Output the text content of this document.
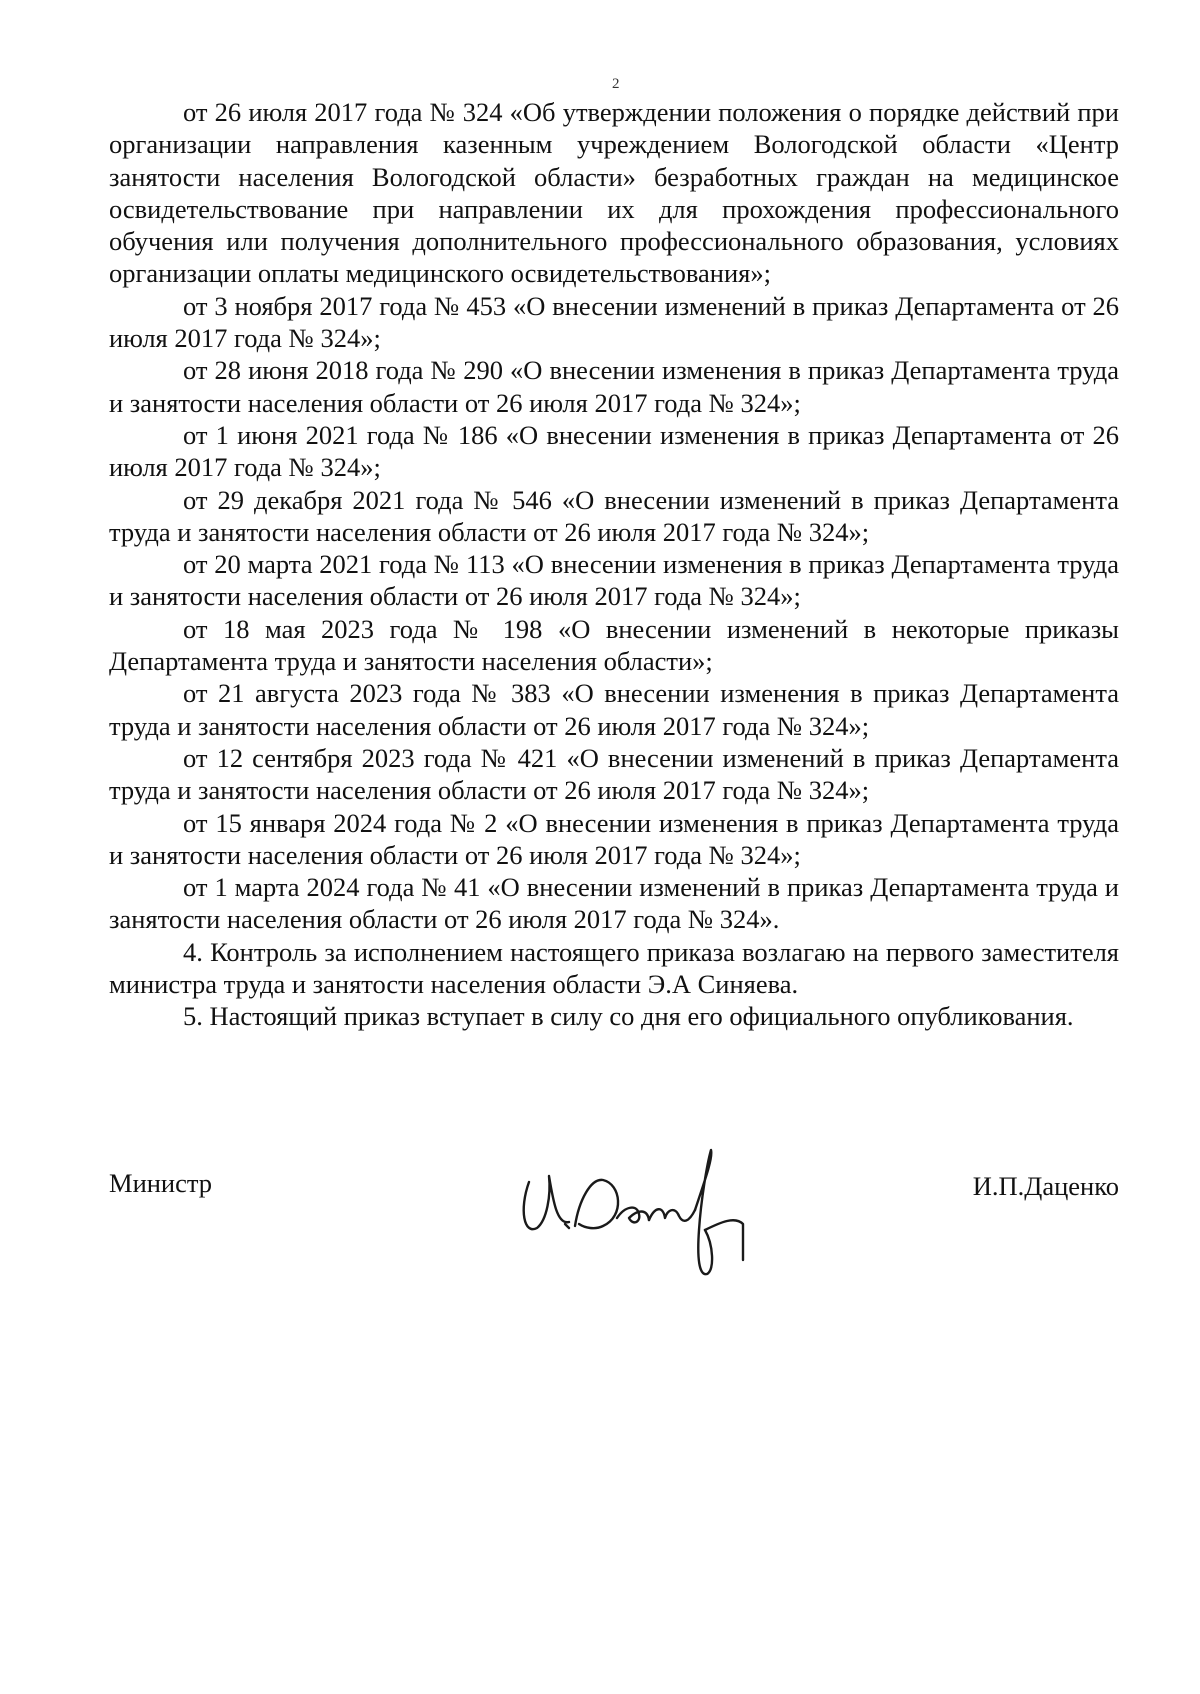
2

от 26 июля 2017 года № 324 «Об утверждении положения о порядке действий при организации направления казенным учреждением Вологодской области «Центр занятости населения Вологодской области» безработных граждан на медицинское освидетельствование при направлении их для прохождения профессионального обучения или получения дополнительного профессионального образования, условиях организации оплаты медицинского освидетельствования»;

от 3 ноября 2017 года № 453 «О внесении изменений в приказ Департамента от 26 июля 2017 года № 324»;

от 28 июня 2018 года № 290 «О внесении изменения в приказ Департамента труда и занятости населения области от 26 июля 2017 года № 324»;

от 1 июня 2021 года № 186 «О внесении изменения в приказ Департамента от 26 июля 2017 года № 324»;

от 29 декабря 2021 года № 546 «О внесении изменений в приказ Департамента труда и занятости населения области от 26 июля 2017 года № 324»;

от 20 марта 2021 года № 113 «О внесении изменения в приказ Департамента труда и занятости населения области от 26 июля 2017 года № 324»;

от 18 мая 2023 года № 198 «О внесении изменений в некоторые приказы Департамента труда и занятости населения области»;

от 21 августа 2023 года № 383 «О внесении изменения в приказ Департамента труда и занятости населения области от 26 июля 2017 года № 324»;

от 12 сентября 2023 года № 421 «О внесении изменений в приказ Департамента труда и занятости населения области от 26 июля 2017 года № 324»;

от 15 января 2024 года № 2 «О внесении изменения в приказ Департамента труда и занятости населения области от 26 июля 2017 года № 324»;

от 1 марта 2024 года № 41 «О внесении изменений в приказ Департамента труда и занятости населения области от 26 июля 2017 года № 324».

4. Контроль за исполнением настоящего приказа возлагаю на первого заместителя министра труда и занятости населения области Э.А Синяева.

5. Настоящий приказ вступает в силу со дня его официального опубликования.

Министр	И.П.Даценко
